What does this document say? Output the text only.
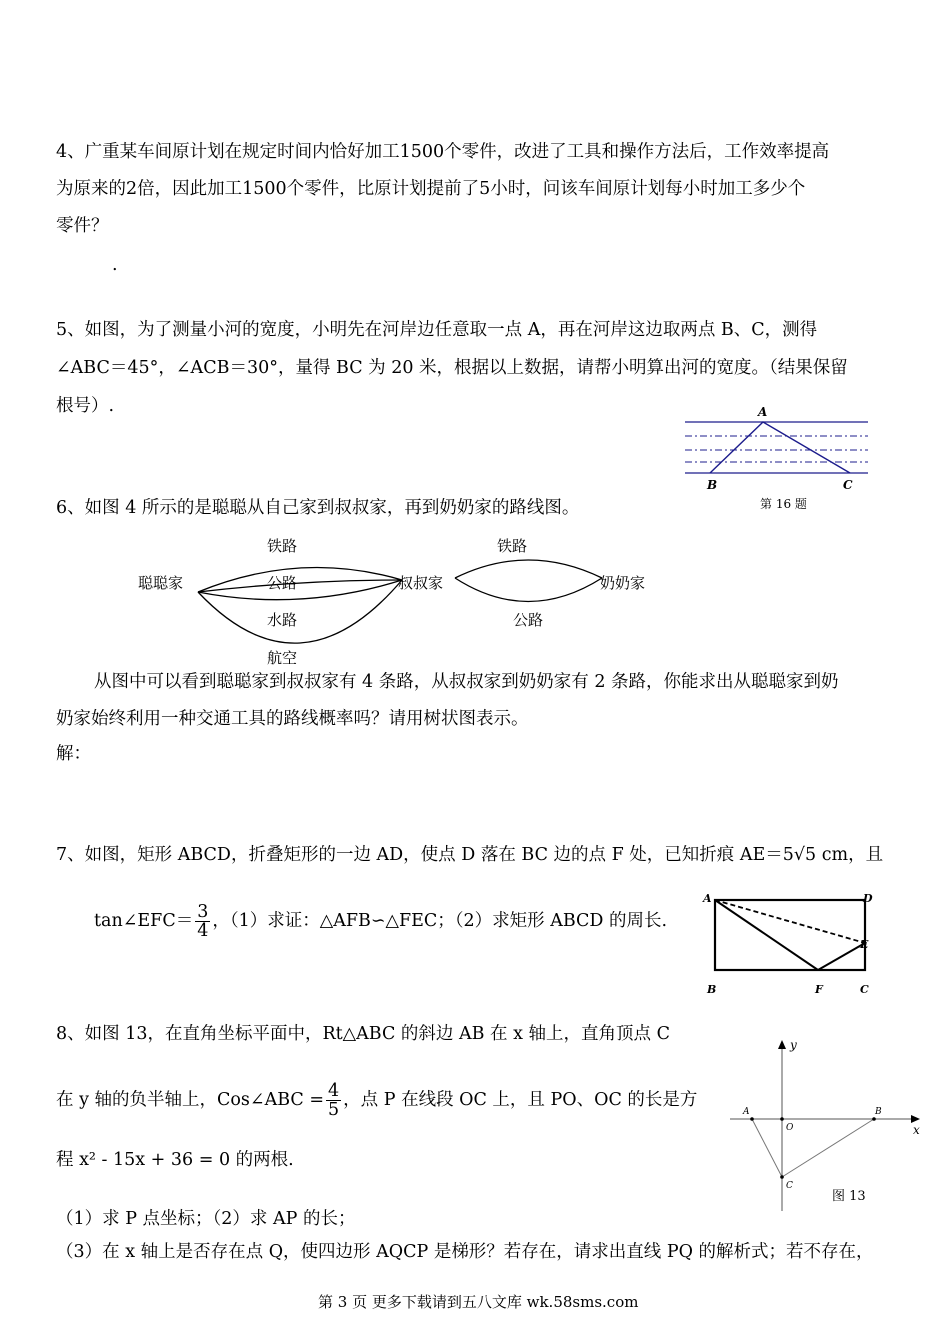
4、广重某车间原计划在规定时间内恰好加工1500个零件，改进了工具和操作方法后，工作效率提高
为原来的2倍，因此加工1500个零件，比原计划提前了5小时，问该车间原计划每小时加工多少个
零件？
.
5、如图，为了测量小河的宽度，小明先在河岸边任意取一点 A，再在河岸这边取两点 B、C，测得
∠ABC＝45°，∠ACB＝30°，量得 BC 为 20 米，根据以上数据，请帮小明算出河的宽度。（结果保留
根号）.	A
B	C
第 16 题
6、如图 4 所示的是聪聪从自己家到叔叔家，再到奶奶家的路线图。
聪聪家	叔叔家	奶奶家
铁路
公路
水路
航空
铁路
公路
从图中可以看到聪聪家到叔叔家有 4 条路，从叔叔家到奶奶家有 2 条路，你能求出从聪聪家到奶
奶家始终利用一种交通工具的路线概率吗？请用树状图表示。
解：
7、如图，矩形 ABCD，折叠矩形的一边 AD，使点 D 落在 BC 边的点 F 处，已知折痕 AE＝5√5 cm，且
tan∠EFC＝ $\frac{3}{4}$ ，（1）求证：△AFB∽△FEC；（2）求矩形 ABCD 的周长.
A	D
E
B	F	C
8、如图 13，在直角坐标平面中，Rt△ABC 的斜边 AB 在 x 轴上，直角顶点 C
在 y 轴的负半轴上，Cos∠ABC = $\frac{4}{5}$ ，点 P 在线段 OC 上，且 PO、OC 的长是方
程 x² - 15x + 36 = 0 的两根.
（1）求 P 点坐标；（2）求 AP 的长；
（3）在 x 轴上是否存在点 Q，使四边形 AQCP 是梯形？若存在，请求出直线 PQ 的解析式；若不存在，
y
x
A	B
O
C
图 13
第 3 页 更多下载请到五八文库 wk.58sms.com
